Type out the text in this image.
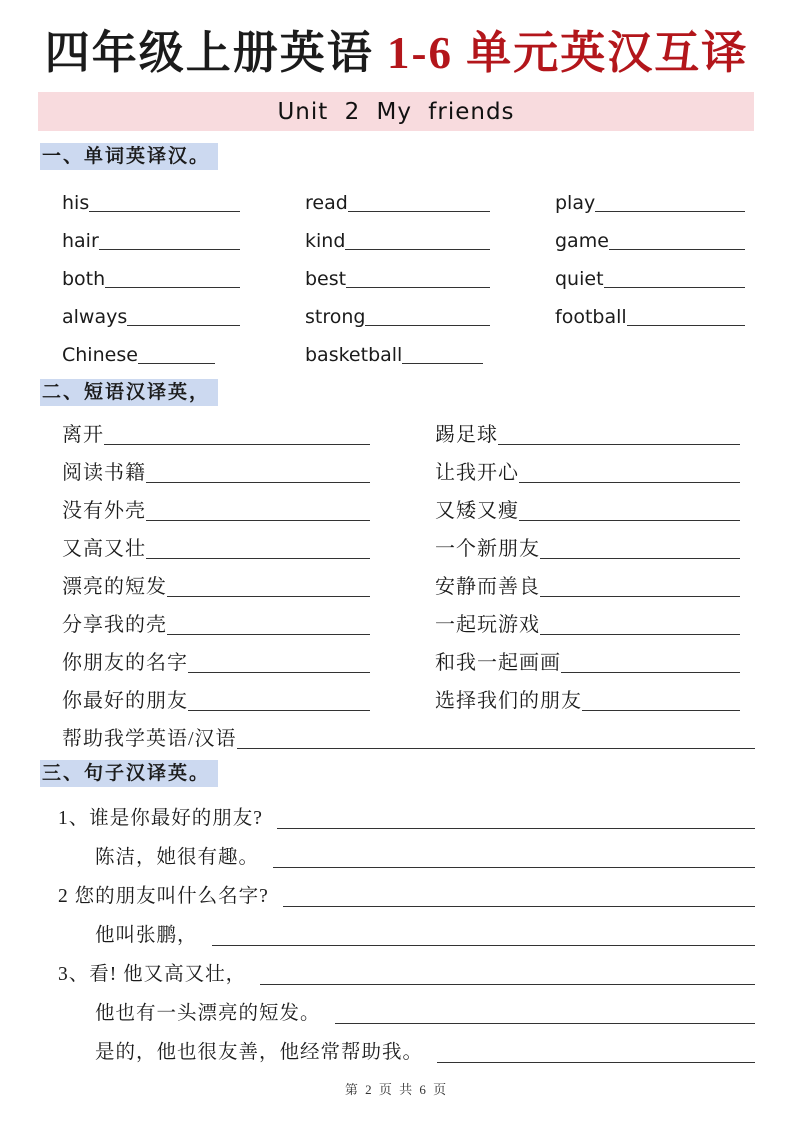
四年级上册英语 1-6 单元英汉互译
Unit 2 My friends
一、单词英译汉。
his	read	play
hair	kind	game
both	best	quiet
always	strong	football
Chinese	basketball
二、短语汉译英，
离开	踢足球
阅读书籍	让我开心
没有外壳	又矮又瘦
又高又壮	一个新朋友
漂亮的短发	安静而善良
分享我的壳	一起玩游戏
你朋友的名字	和我一起画画
你最好的朋友	选择我们的朋友
帮助我学英语/汉语
三、句子汉译英。
1、谁是你最好的朋友?
陈洁，她很有趣。
2 您的朋友叫什么名字?
他叫张鹏，
3、看! 他又高又壮，
他也有一头漂亮的短发。
是的，他也很友善，他经常帮助我。
第 2 页 共 6 页
